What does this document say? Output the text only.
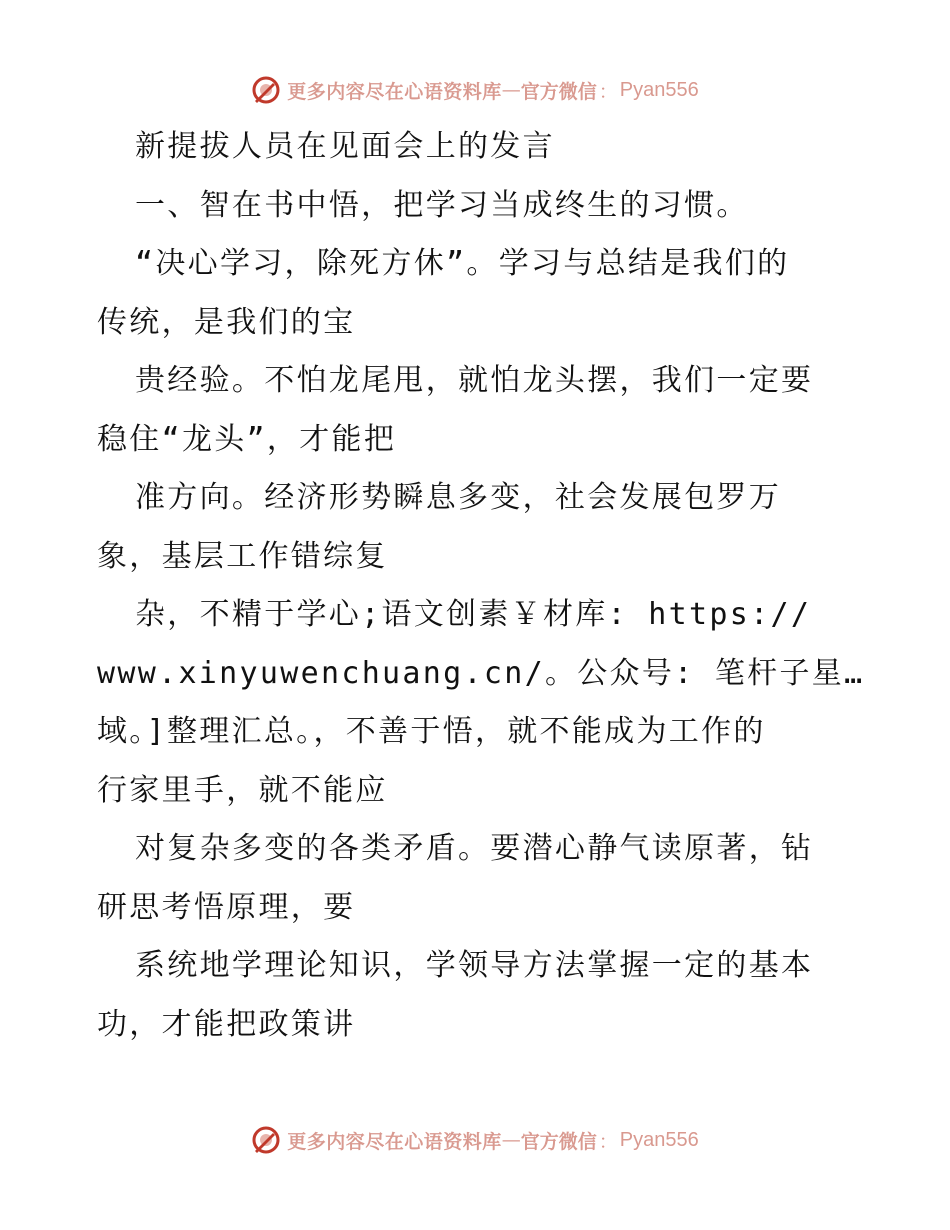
更多内容尽在心语资料库 — 官方微信 ： Pyan556
新提拔人员在见面会上的发言
一、智在书中悟，把学习当成终生的习惯。
“决心学习，除死方休”。学习与总结是我们的
传统，是我们的宝
贵经验。不怕龙尾甩，就怕龙头摆，我们一定要
稳住“龙头”，才能把
准方向。经济形势瞬息多变，社会发展包罗万
象，基层工作错综复
杂，不精于学心;语文创素￥材库: https://
www.xinyuwenchuang.cn/。公众号: 笔杆子星…
域。]整理汇总。，不善于悟，就不能成为工作的
行家里手，就不能应
对复杂多变的各类矛盾。要潜心静气读原著，钻
研思考悟原理，要
系统地学理论知识，学领导方法掌握一定的基本
功，才能把政策讲
更多内容尽在心语资料库 — 官方微信 ： Pyan556
